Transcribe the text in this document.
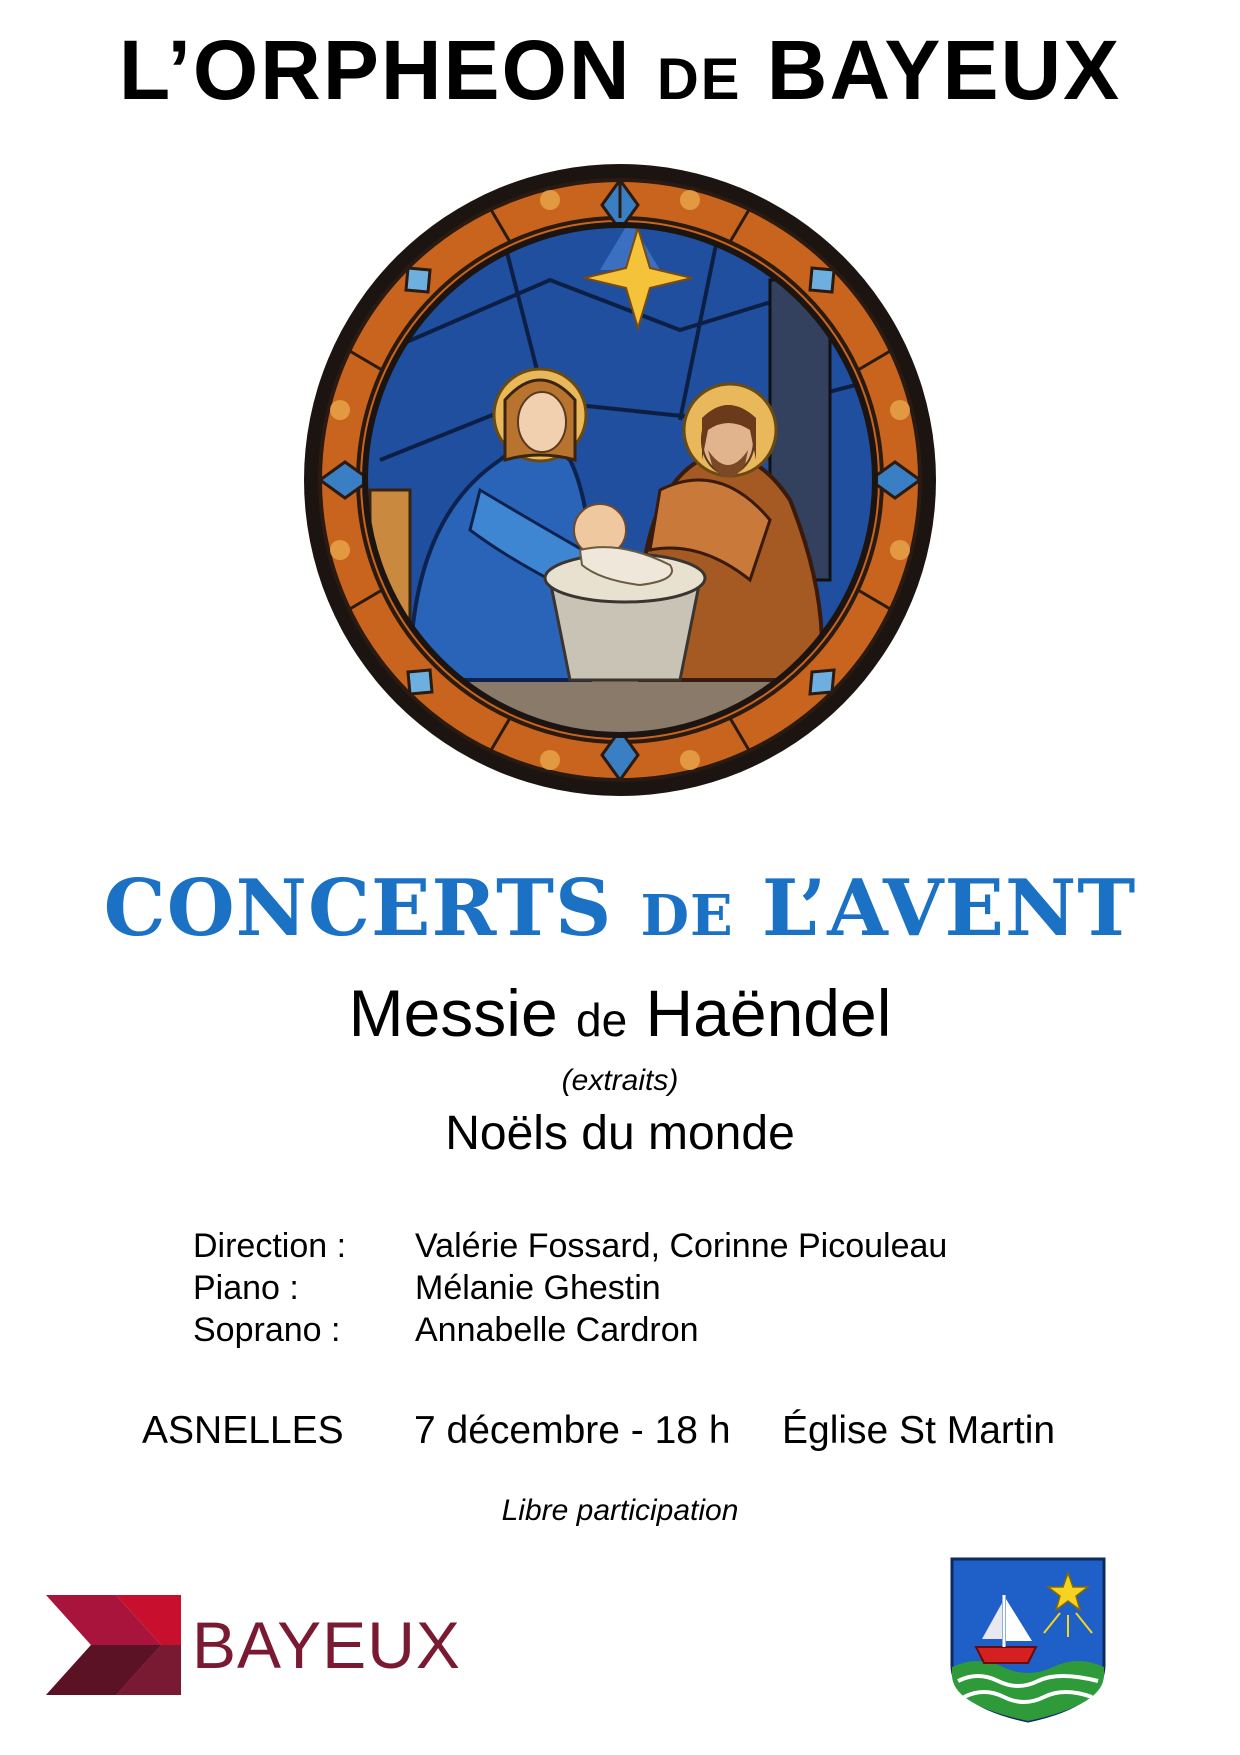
L’ORPHEON DE BAYEUX
CONCERTS DE L’AVENT
Messie de Haëndel
(extraits)
Noëls du monde
Direction :	Valérie Fossard, Corinne Picouleau
Piano :	Mélanie Ghestin
Soprano :	Annabelle Cardron
ASNELLES	7 décembre - 18 h	Église St Martin
Libre participation
BAYEUX
